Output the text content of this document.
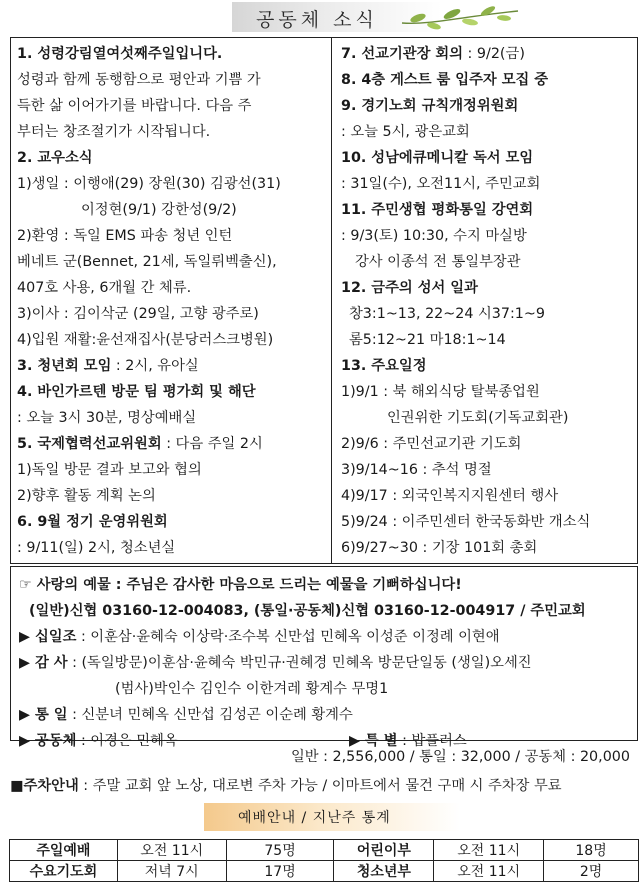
공동체 소식
1. 성령강림열여섯째주일입니다.
성령과 함께 동행함으로 평안과 기쁨 가
득한 삶 이어가기를 바랍니다. 다음 주
부터는 창조절기가 시작됩니다.
2. 교우소식
1)생일 : 이행애(29) 장원(30) 김광선(31)
이정현(9/1) 강한성(9/2)
2)환영 : 독일 EMS 파송 청년 인턴
베네트 군(Bennet, 21세, 독일뤼벡출신),
407호 사용, 6개월 간 체류.
3)이사 : 김이삭군 (29일, 고향 광주로)
4)입원 재활:윤선재집사(분당러스크병원)
3. 청년회 모임 : 2시, 유아실
4. 바인가르텐 방문 팀 평가회 및 해단
: 오늘 3시 30분, 명상예배실
5. 국제협력선교위원회 : 다음 주일 2시
1)독일 방문 결과 보고와 협의
2)향후 활동 계획 논의
6. 9월 정기 운영위원회
: 9/11(일) 2시, 청소년실
7. 선교기관장 회의 : 9/2(금)
8. 4층 게스트 룸 입주자 모집 중
9. 경기노회 규칙개정위원회
: 오늘 5시, 광은교회
10. 성남에큐메니칼 독서 모임
: 31일(수), 오전11시, 주민교회
11. 주민생협 평화통일 강연회
: 9/3(토) 10:30, 수지 마실방
강사 이종석 전 통일부장관
12. 금주의 성서 일과
창3:1~13, 22~24 시37:1~9
롬5:12~21 마18:1~14
13. 주요일정
1)9/1 : 북 해외식당 탈북종업원
인권위한 기도회(기독교회관)
2)9/6 : 주민선교기관 기도회
3)9/14~16 : 추석 명절
4)9/17 : 외국인복지지원센터 행사
5)9/24 : 이주민센터 한국동화반 개소식
6)9/27~30 : 기장 101회 총회
☞ 사랑의 예물 : 주님은 감사한 마음으로 드리는 예물을 기뻐하십니다!
(일반)신협 03160-12-004083, (통일·공동체)신협 03160-12-004917 / 주민교회
▶ 십일조 : 이훈삼·윤혜숙 이상락·조수복 신만섭 민혜옥 이성준 이정례 이현애
▶ 감 사 : (독일방문)이훈삼·윤혜숙 박민규·권혜경 민혜옥 방문단일동 (생일)오세진
(범사)박인수 김인수 이한겨레 황계수 무명1
▶ 통 일 : 신분녀 민혜옥 신만섭 김성곤 이순례 황계수
▶ 공동체 : 이경은 민혜옥	▶ 특 별 : 밥플러스
일반 : 2,556,000 / 통일 : 32,000 / 공동체 : 20,000
■주차안내 : 주말 교회 앞 노상, 대로변 주차 가능 / 이마트에서 물건 구매 시 주차장 무료
예배안내 / 지난주 통계
주일예배	오전 11시	75명	어린이부	오전 11시	18명
수요기도회	저녁 7시	17명	청소년부	오전 11시	2명
